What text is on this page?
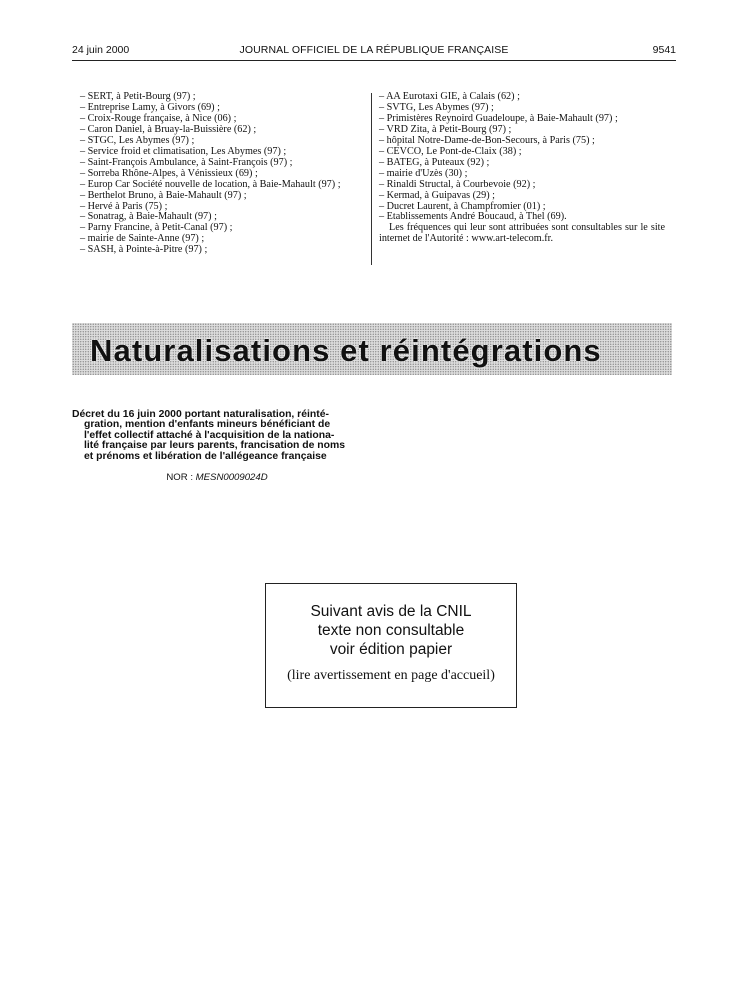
24 juin 2000	JOURNAL OFFICIEL DE LA RÉPUBLIQUE FRANÇAISE	9541
– SERT, à Petit-Bourg (97) ;
– Entreprise Lamy, à Givors (69) ;
– Croix-Rouge française, à Nice (06) ;
– Caron Daniel, à Bruay-la-Buissière (62) ;
– STGC, Les Abymes (97) ;
– Service froid et climatisation, Les Abymes (97) ;
– Saint-François Ambulance, à Saint-François (97) ;
– Sorreba Rhône-Alpes, à Vénissieux (69) ;
– Europ Car Société nouvelle de location, à Baie-Mahault (97) ;
– Berthelot Bruno, à Baie-Mahault (97) ;
– Hervé à Paris (75) ;
– Sonatrag, à Baie-Mahault (97) ;
– Parny Francine, à Petit-Canal (97) ;
– mairie de Sainte-Anne (97) ;
– SASH, à Pointe-à-Pitre (97) ;
– AA Eurotaxi GIE, à Calais (62) ;
– SVTG, Les Abymes (97) ;
– Primistères Reynoird Guadeloupe, à Baie-Mahault (97) ;
– VRD Zita, à Petit-Bourg (97) ;
– hôpital Notre-Dame-de-Bon-Secours, à Paris (75) ;
– CEVCO, Le Pont-de-Claix (38) ;
– BATEG, à Puteaux (92) ;
– mairie d'Uzès (30) ;
– Rinaldi Structal, à Courbevoie (92) ;
– Kermad, à Guipavas (29) ;
– Ducret Laurent, à Champfromier (01) ;
– Etablissements André Boucaud, à Thel (69).
Les fréquences qui leur sont attribuées sont consultables sur le site internet de l'Autorité : www.art-telecom.fr.
Naturalisations et réintégrations
Décret du 16 juin 2000 portant naturalisation, réinté-
gration, mention d'enfants mineurs bénéficiant de
l'effet collectif attaché à l'acquisition de la nationa-
lité française par leurs parents, francisation de noms
et prénoms et libération de l'allégeance française
NOR : MESN0009024D
Suivant avis de la CNIL
texte non consultable
voir édition papier
(lire avertissement en page d'accueil)
